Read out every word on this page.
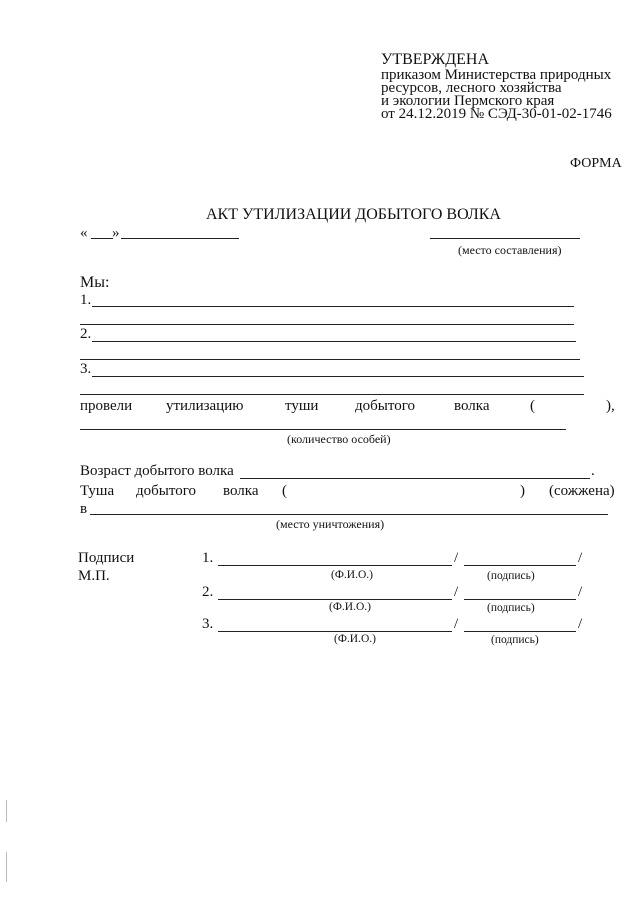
УТВЕРЖДЕНА
приказом Министерства природных
ресурсов, лесного хозяйства
и экологии Пермского края
от 24.12.2019 № СЭД-30-01-02-1746
ФОРМА
АКТ УТИЛИЗАЦИИ ДОБЫТОГО ВОЛКА
« »
(место составления)
Мы:
1.
2.
3.
провели утилизацию	туши добытого	волка	(	),
(количество особей)
Возраст добытого волка	.
Туша добытого волка (	) (сожжена)
в
(место уничтожения)
Подписи
М.П.
1.	/	/
(Ф.И.О.)	(подпись)
2.	/	/
(Ф.И.О.)	(подпись)
3.	/	/
(Ф.И.О.)	(подпись)
